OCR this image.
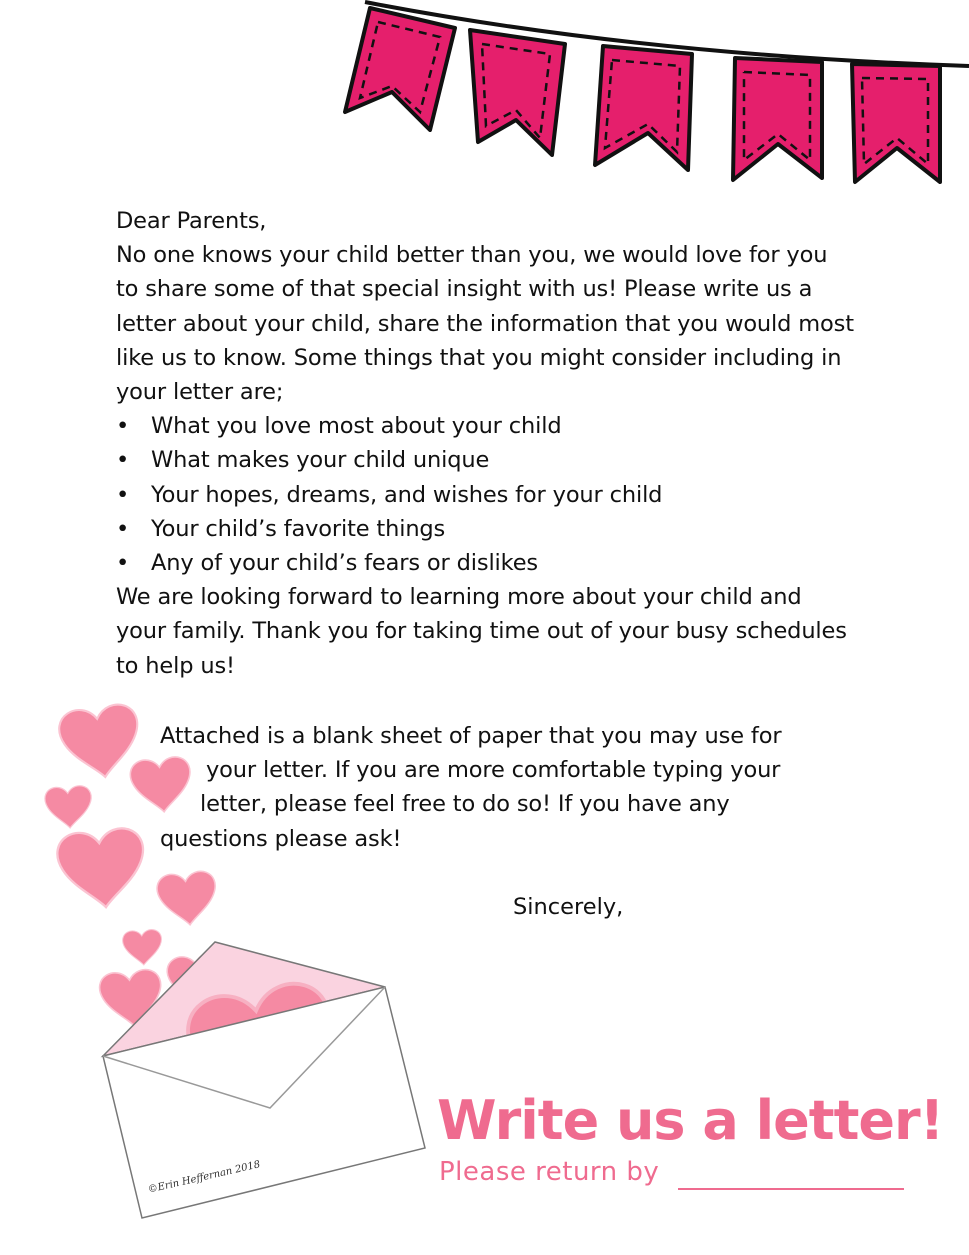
Dear Parents,

No one knows your child better than you, we would love for you to share some of that special insight with us! Please write us a letter about your child, share the information that you would most like us to know. Some things that you might consider including in your letter are;

• What you love most about your child
• What makes your child unique
• Your hopes, dreams, and wishes for your child
• Your child’s favorite things
• Any of your child’s fears or dislikes

We are looking forward to learning more about your child and your family. Thank you for taking time out of your busy schedules to help us!

©Erin Heffernan 2018
Attached is a blank sheet of paper that you may use for
your letter. If you are more comfortable typing your
letter, please feel free to do so! If you have any
questions please ask!
Sincerely,
Write us a letter!
Please return by
